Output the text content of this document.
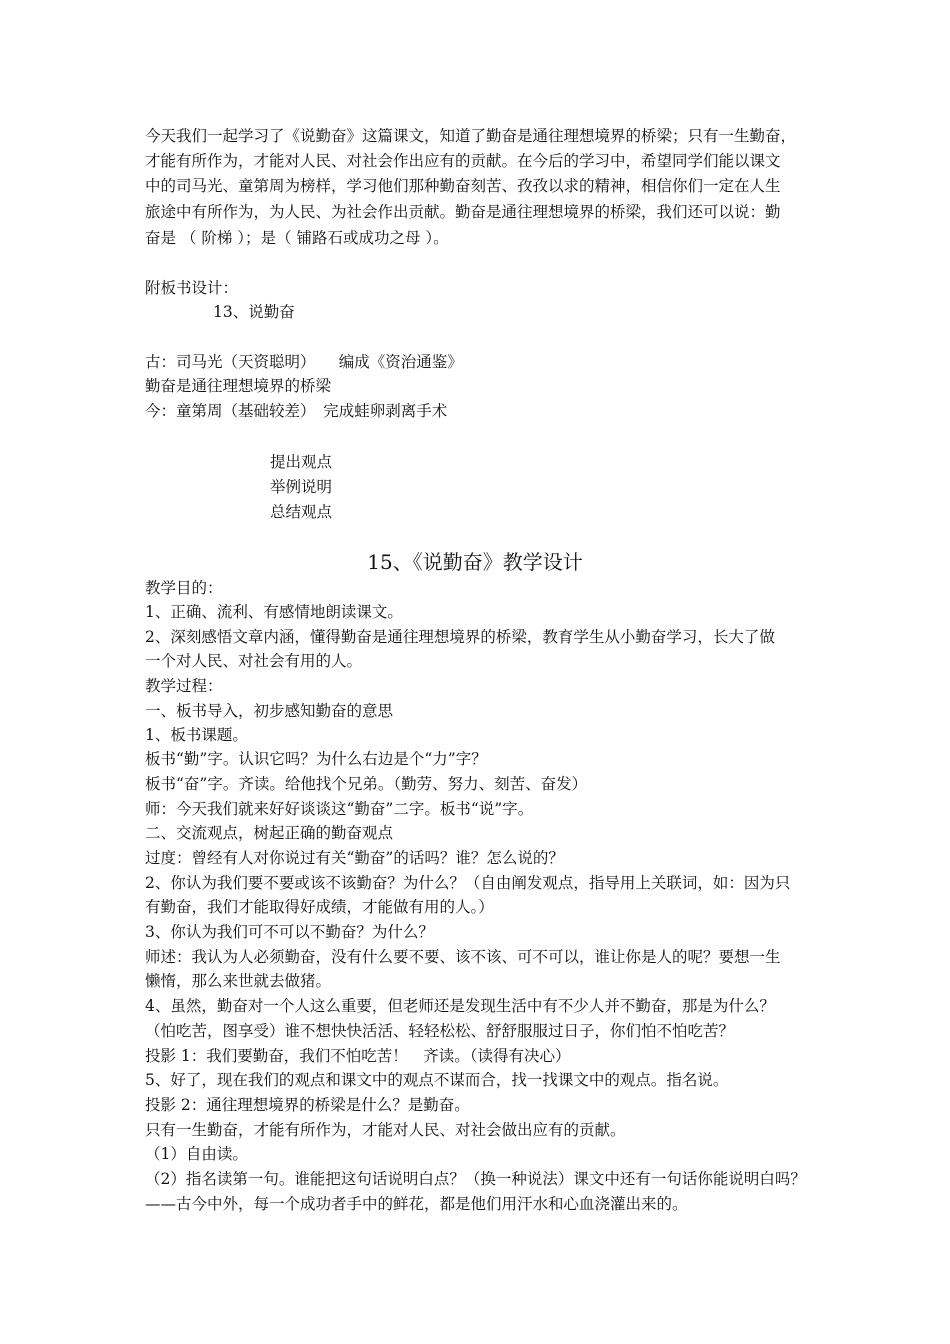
今天我们一起学习了《说勤奋》这篇课文，知道了勤奋是通往理想境界的桥梁；只有一生勤奋，
才能有所作为，才能对人民、对社会作出应有的贡献。在今后的学习中，希望同学们能以课文
中的司马光、童第周为榜样，学习他们那种勤奋刻苦、孜孜以求的精神，相信你们一定在人生
旅途中有所作为，为人民、为社会作出贡献。勤奋是通往理想境界的桥梁，我们还可以说：勤
奋是 （ 阶梯 ）；是（ 铺路石或成功之母 ）。
附板书设计：
13、说勤奋
古：司马光（天资聪明）　　编成《资治通鉴》
勤奋是通往理想境界的桥梁
今：童第周（基础较差）　完成蛙卵剥离手术
提出观点
举例说明
总结观点
15、《说勤奋》教学设计
教学目的：
1、正确、流利、有感情地朗读课文。
2、深刻感悟文章内涵，懂得勤奋是通往理想境界的桥梁，教育学生从小勤奋学习，长大了做
一个对人民、对社会有用的人。
教学过程：
一、板书导入，初步感知勤奋的意思
1、板书课题。
板书“勤”字。认识它吗？为什么右边是个“力”字？
板书“奋”字。齐读。给他找个兄弟。（勤劳、努力、刻苦、奋发）
师：今天我们就来好好谈谈这“勤奋”二字。板书“说”字。
二、交流观点，树起正确的勤奋观点
过度：曾经有人对你说过有关“勤奋”的话吗？谁？怎么说的？
2、你认为我们要不要或该不该勤奋？为什么？（自由阐发观点，指导用上关联词，如：因为只
有勤奋，我们才能取得好成绩，才能做有用的人。）
3、你认为我们可不可以不勤奋？为什么？
师述：我认为人必须勤奋，没有什么要不要、该不该、可不可以，谁让你是人的呢？要想一生
懒惰，那么来世就去做猪。
4、虽然，勤奋对一个人这么重要，但老师还是发现生活中有不少人并不勤奋，那是为什么？
（怕吃苦，图享受）谁不想快快活活、轻轻松松、舒舒服服过日子，你们怕不怕吃苦？
投影 1：我们要勤奋，我们不怕吃苦！　齐读。（读得有决心）
5、好了，现在我们的观点和课文中的观点不谋而合，找一找课文中的观点。指名说。
投影 2：通往理想境界的桥梁是什么？是勤奋。
只有一生勤奋，才能有所作为，才能对人民、对社会做出应有的贡献。
（1）自由读。
（2）指名读第一句。谁能把这句话说明白点？（换一种说法）课文中还有一句话你能说明白吗？
——古今中外，每一个成功者手中的鲜花，都是他们用汗水和心血浇灌出来的。
